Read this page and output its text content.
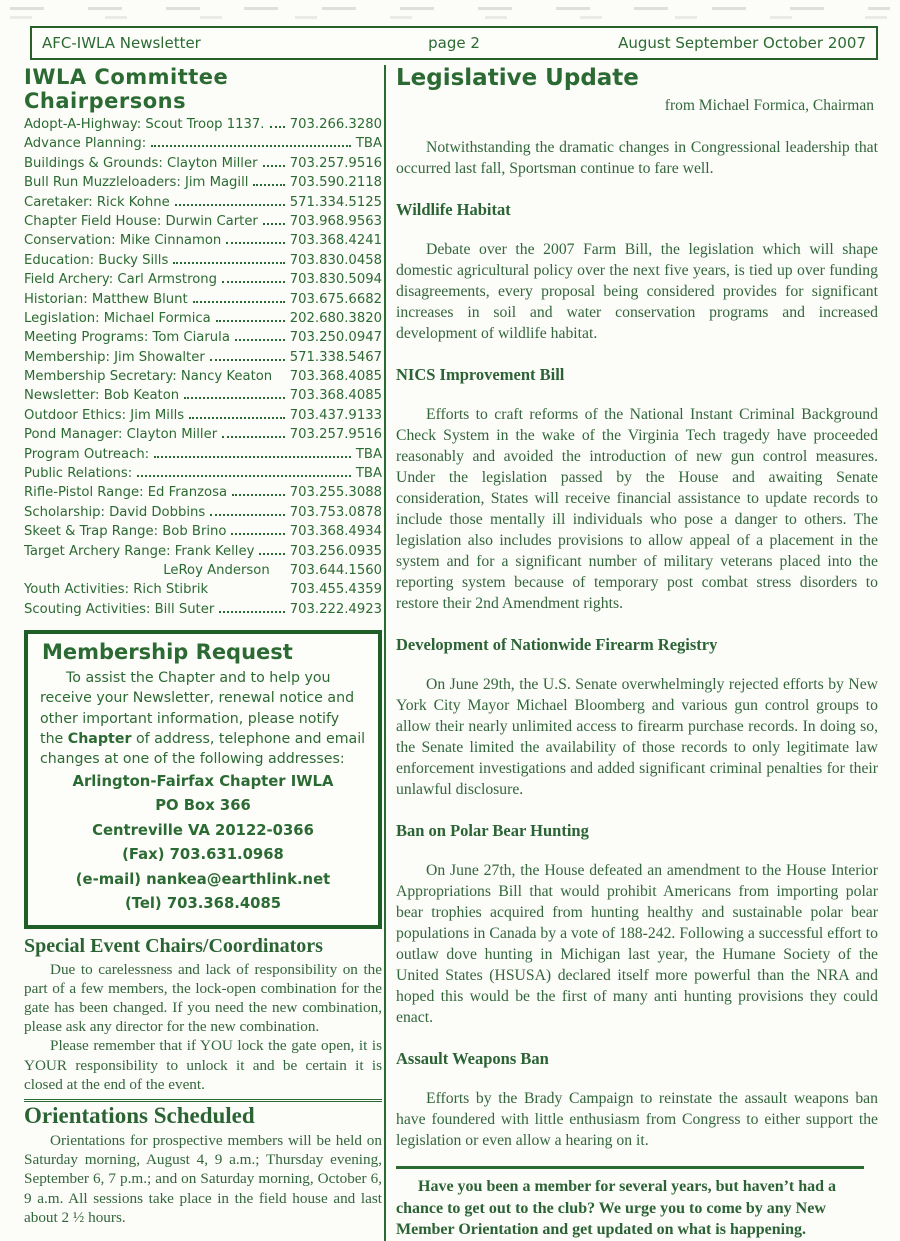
AFC-IWLA Newsletter	page 2	August September October 2007
IWLA Committee Chairpersons
Adopt-A-Highway: Scout Troop 1137. 703.266.3280
Advance Planning:	TBA
Buildings & Grounds: Clayton Miller 703.257.9516
Bull Run Muzzleloaders: Jim Magill	703.590.2118
Caretaker: Rick Kohne	571.334.5125
Chapter Field House: Durwin Carter 703.968.9563
Conservation: Mike Cinnamon	703.368.4241
Education: Bucky Sills	703.830.0458
Field Archery: Carl Armstrong	703.830.5094
Historian: Matthew Blunt	703.675.6682
Legislation: Michael Formica	202.680.3820
Meeting Programs: Tom Ciarula	703.250.0947
Membership: Jim Showalter	571.338.5467
Membership Secretary: Nancy Keaton 703.368.4085
Newsletter: Bob Keaton	703.368.4085
Outdoor Ethics: Jim Mills	703.437.9133
Pond Manager: Clayton Miller	703.257.9516
Program Outreach:	TBA
Public Relations:	TBA
Rifle-Pistol Range: Ed Franzosa	703.255.3088
Scholarship: David Dobbins	703.753.0878
Skeet & Trap Range: Bob Brino	703.368.4934
Target Archery Range: Frank Kelley	703.256.0935
LeRoy Anderson	703.644.1560
Youth Activities: Rich Stibrik	703.455.4359
Scouting Activities: Bill Suter	703.222.4923
Membership Request

To assist the Chapter and to help you receive your Newsletter, renewal notice and other important information, please notify the Chapter of address, telephone and email changes at one of the following addresses:

Arlington-Fairfax Chapter IWLA
PO Box 366
Centreville VA 20122-0366
(Fax) 703.631.0968
(e-mail) nankea@earthlink.net
(Tel) 703.368.4085
Special Event Chairs/Coordinators

Due to carelessness and lack of responsibility on the part of a few members, the lock-open combination for the gate has been changed. If you need the new combination, please ask any director for the new combination.

Please remember that if YOU lock the gate open, it is YOUR responsibility to unlock it and be certain it is closed at the end of the event.

Orientations Scheduled

Orientations for prospective members will be held on Saturday morning, August 4, 9 a.m.; Thursday evening, September 6, 7 p.m.; and on Saturday morning, October 6, 9 a.m. All sessions take place in the field house and last about 2 ½ hours.

Legislative Update
from Michael Formica, Chairman

Notwithstanding the dramatic changes in Congressional leadership that occurred last fall, Sportsman continue to fare well.

Wildlife Habitat

Debate over the 2007 Farm Bill, the legislation which will shape domestic agricultural policy over the next five years, is tied up over funding disagreements, every proposal being considered provides for significant increases in soil and water conservation programs and increased development of wildlife habitat.

NICS Improvement Bill

Efforts to craft reforms of the National Instant Criminal Background Check System in the wake of the Virginia Tech tragedy have proceeded reasonably and avoided the introduction of new gun control measures. Under the legislation passed by the House and awaiting Senate consideration, States will receive financial assistance to update records to include those mentally ill individuals who pose a danger to others. The legislation also includes provisions to allow appeal of a placement in the system and for a significant number of military veterans placed into the reporting system because of temporary post combat stress disorders to restore their 2nd Amendment rights.

Development of Nationwide Firearm Registry

On June 29th, the U.S. Senate overwhelmingly rejected efforts by New York City Mayor Michael Bloomberg and various gun control groups to allow their nearly unlimited access to firearm purchase records. In doing so, the Senate limited the availability of those records to only legitimate law enforcement investigations and added significant criminal penalties for their unlawful disclosure.

Ban on Polar Bear Hunting

On June 27th, the House defeated an amendment to the House Interior Appropriations Bill that would prohibit Americans from importing polar bear trophies acquired from hunting healthy and sustainable polar bear populations in Canada by a vote of 188-242. Following a successful effort to outlaw dove hunting in Michigan last year, the Humane Society of the United States (HSUSA) declared itself more powerful than the NRA and hoped this would be the first of many anti hunting provisions they could enact.

Assault Weapons Ban

Efforts by the Brady Campaign to reinstate the assault weapons ban have foundered with little enthusiasm from Congress to either support the legislation or even allow a hearing on it.

Have you been a member for several years, but haven’t had a chance to get out to the club? We urge you to come by any New Member Orientation and get updated on what is happening.
